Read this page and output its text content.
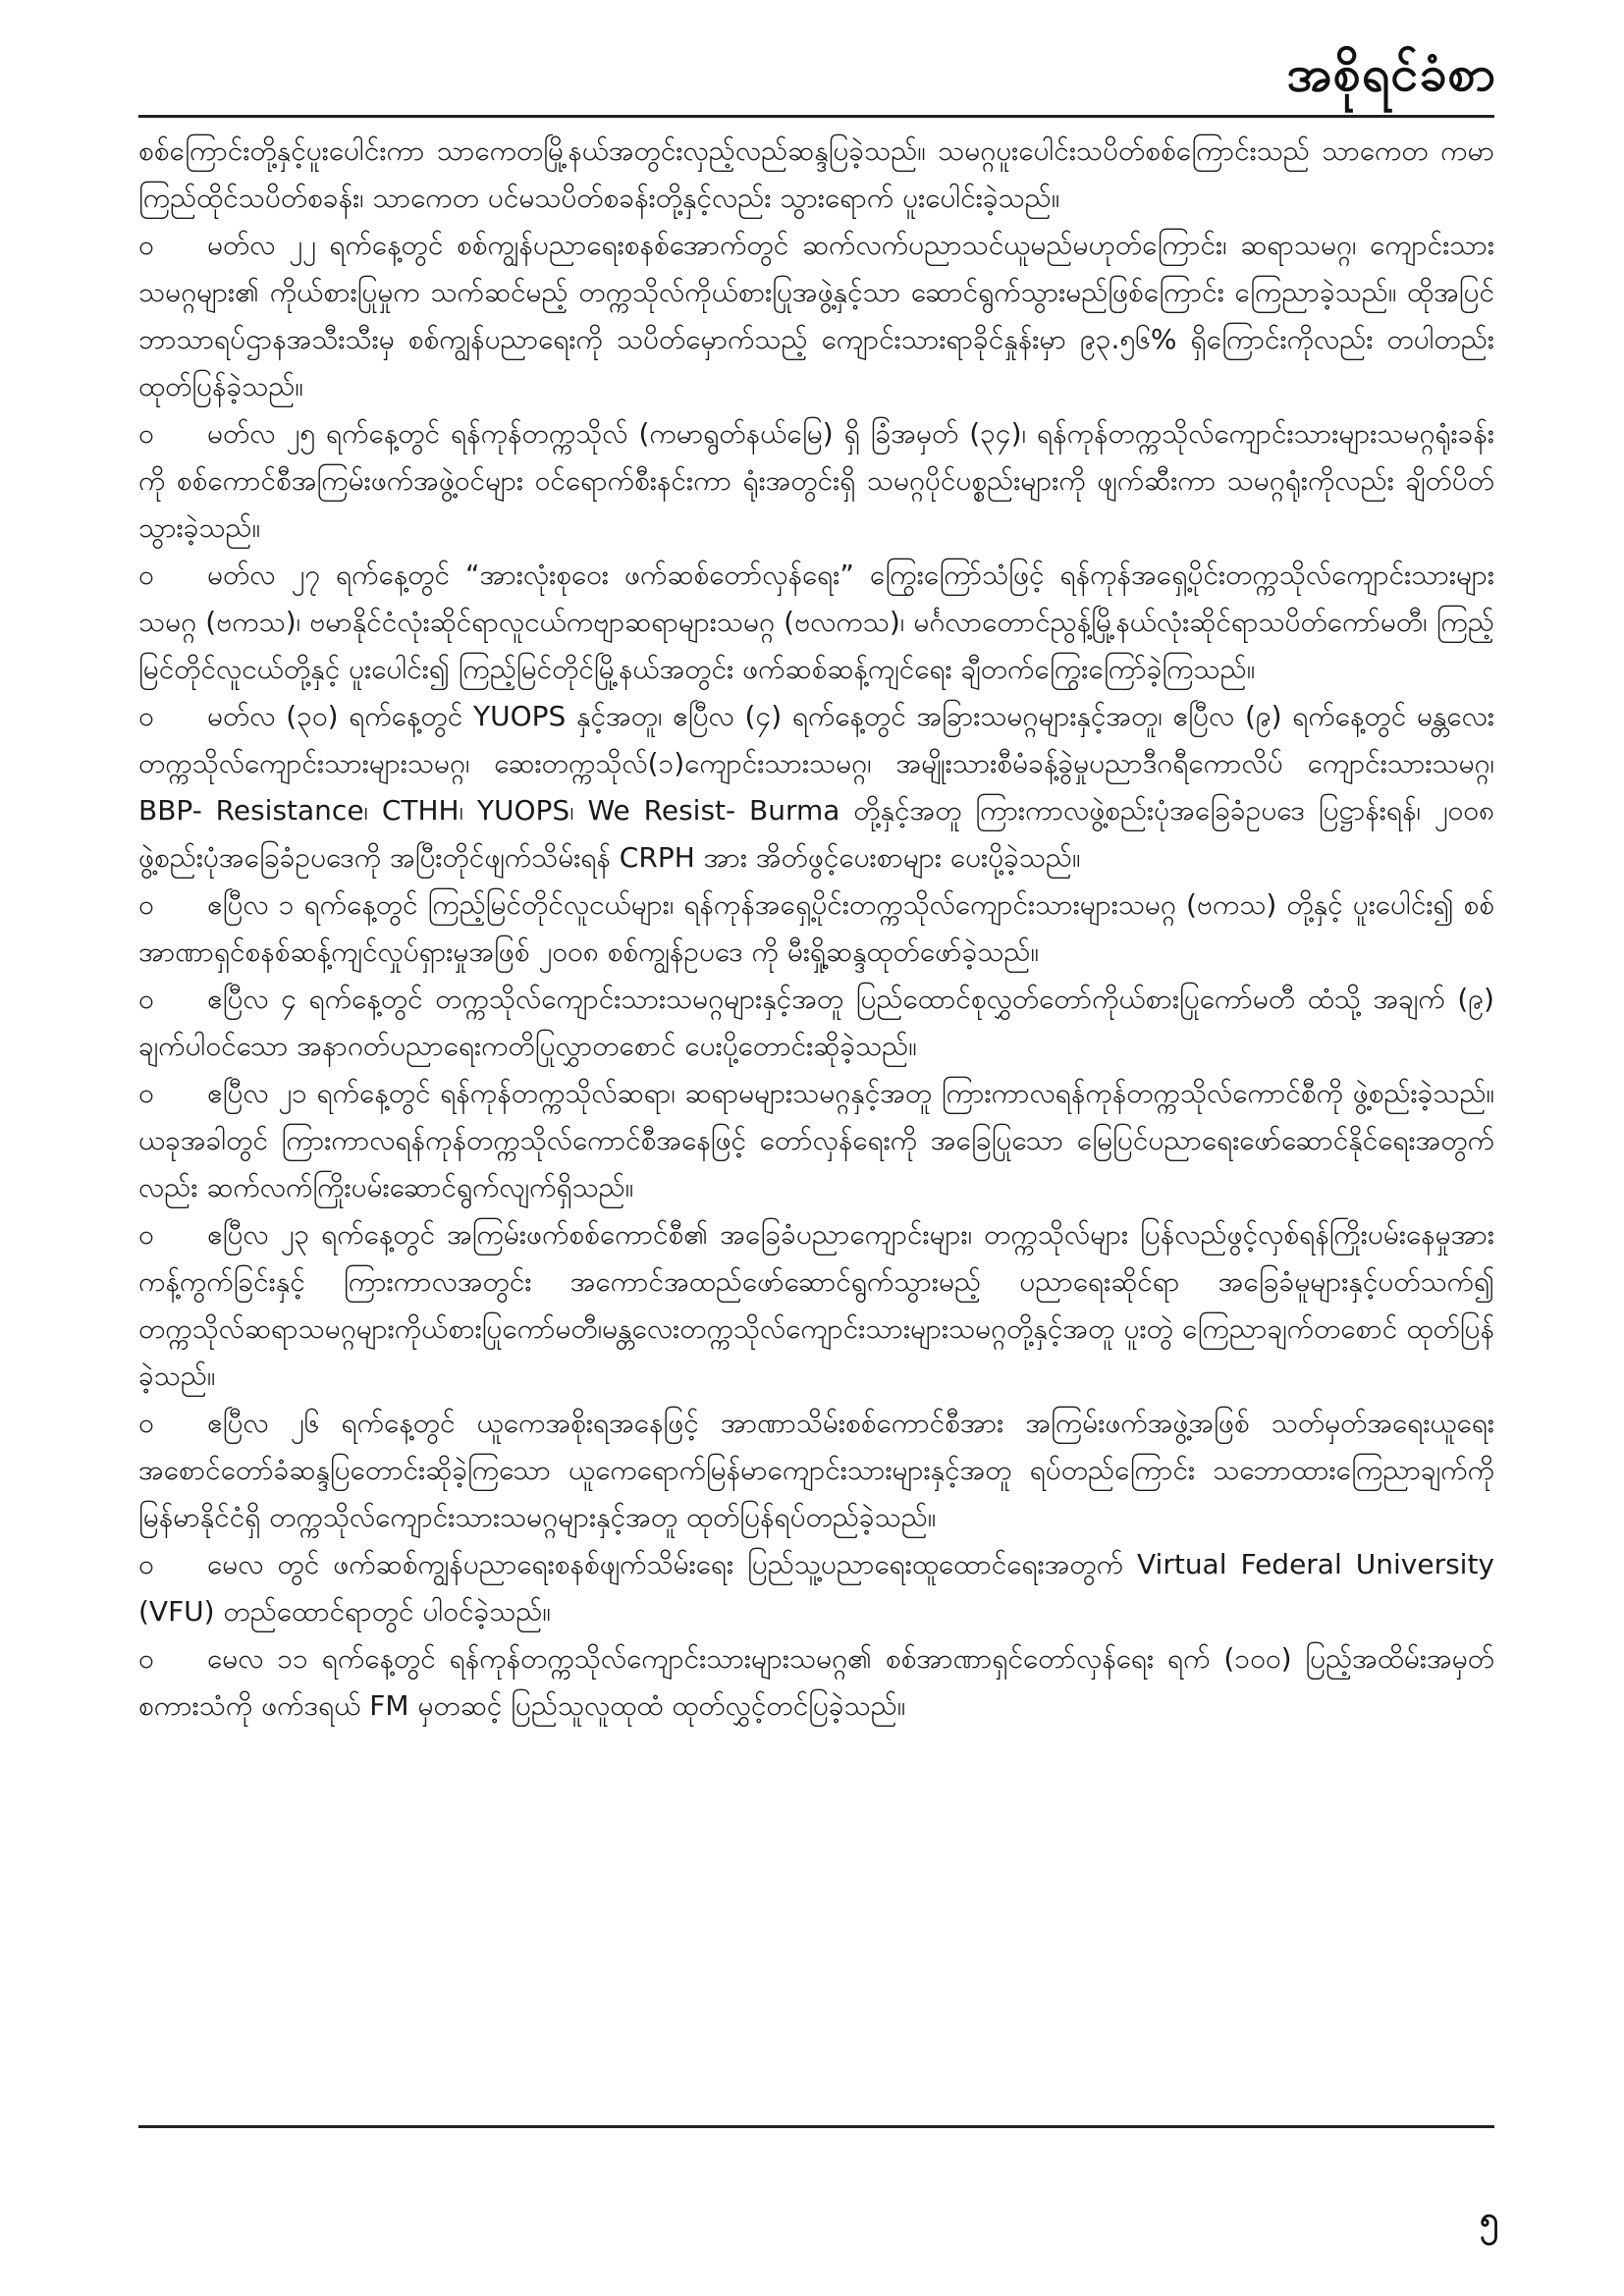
အစိုရင်ခံစာ

စစ်ကြောင်းတို့နှင့်ပူးပေါင်းကာ သာကေတမြို့နယ်အတွင်းလှည့်လည်ဆန္ဒပြခဲ့သည်။ သမဂ္ဂပူးပေါင်းသပိတ်စစ်ကြောင်းသည် သာကေတ ကမာကြည်ထိုင်သပိတ်စခန်း၊ သာကေတ ပင်မသပိတ်စခန်းတို့နှင့်လည်း သွားရောက် ပူးပေါင်းခဲ့သည်။

၀ မတ်လ ၂၂ ရက်နေ့တွင် စစ်ကျွန်ပညာရေးစနစ်အောက်တွင် ဆက်လက်ပညာသင်ယူမည်မဟုတ်ကြောင်း၊ ဆရာသမဂ္ဂ၊ ကျောင်းသားသမဂ္ဂများ၏ ကိုယ်စားပြုမှုက သက်ဆင်မည့် တက္ကသိုလ်ကိုယ်စားပြုအဖွဲ့နှင့်သာ ဆောင်ရွက်သွားမည်ဖြစ်ကြောင်း ကြေညာခဲ့သည်။ ထိုအပြင် ဘာသာရပ်ဌာနအသီးသီးမှ စစ်ကျွန်ပညာရေးကို သပိတ်မှောက်သည့် ကျောင်းသားရာခိုင်နှုန်းမှာ ၉၃.၅၆% ရှိကြောင်းကိုလည်း တပါတည်းထုတ်ပြန်ခဲ့သည်။

၀ မတ်လ ၂၅ ရက်နေ့တွင် ရန်ကုန်တက္ကသိုလ် (ကမာရွတ်နယ်မြေ) ရှိ ခြံအမှတ် (၃၄)၊ ရန်ကုန်တက္ကသိုလ်ကျောင်းသားများသမဂ္ဂရုံးခန်းကို စစ်ကောင်စီအကြမ်းဖက်အဖွဲ့ဝင်များ ဝင်ရောက်စီးနင်းကာ ရုံးအတွင်းရှိ သမဂ္ဂပိုင်ပစ္စည်းများကို ဖျက်ဆီးကာ သမဂ္ဂရုံးကိုလည်း ချိတ်ပိတ်သွားခဲ့သည်။

၀ မတ်လ ၂၇ ရက်နေ့တွင် “အားလုံးစုဝေး ဖက်ဆစ်တော်လှန်ရေး” ကြွေးကြော်သံဖြင့် ရန်ကုန်အရှေ့ပိုင်းတက္ကသိုလ်ကျောင်းသားများသမဂ္ဂ (ဗကသ)၊ ဗမာနိုင်ငံလုံးဆိုင်ရာလူငယ်ကဗျာဆရာများသမဂ္ဂ (ဗလကသ)၊ မင်္ဂလာတောင်ညွန့်မြို့နယ်လုံးဆိုင်ရာသပိတ်ကော်မတီ၊ ကြည့်မြင်တိုင်လူငယ်တို့နှင့် ပူးပေါင်း၍ ကြည့်မြင်တိုင်မြို့နယ်အတွင်း ဖက်ဆစ်ဆန့်ကျင်ရေး ချီတက်ကြွေးကြော်ခဲ့ကြသည်။

၀ မတ်လ (၃၀) ရက်နေ့တွင် YUOPS နှင့်အတူ၊ ဧပြီလ (၄) ရက်နေ့တွင် အခြားသမဂ္ဂများနှင့်အတူ၊ ဧပြီလ (၉) ရက်နေ့တွင် မန္တလေးတက္ကသိုလ်ကျောင်းသားများသမဂ္ဂ၊ ဆေးတက္ကသိုလ်(၁)ကျောင်းသားသမဂ္ဂ၊ အမျိုးသားစီမံခန့်ခွဲမှုပညာဒီဂရီကောလိပ် ကျောင်းသားသမဂ္ဂ၊ BBP- Resistance၊ CTHH၊ YUOPS၊ We Resist- Burma တို့နှင့်အတူ ကြားကာလဖွဲ့စည်းပုံအခြေခံဥပဒေ ပြဋ္ဌာန်းရန်၊ ၂၀၀၈ ဖွဲ့စည်းပုံအခြေခံဥပဒေကို အပြီးတိုင်ဖျက်သိမ်းရန် CRPH အား အိတ်ဖွင့်ပေးစာများ ပေးပို့ခဲ့သည်။

၀ ဧပြီလ ၁ ရက်နေ့တွင် ကြည့်မြင်တိုင်လူငယ်များ၊ ရန်ကုန်အရှေ့ပိုင်းတက္ကသိုလ်ကျောင်းသားများသမဂ္ဂ (ဗကသ) တို့နှင့် ပူးပေါင်း၍ စစ်အာဏာရှင်စနစ်ဆန့်ကျင်လှုပ်ရှားမှုအဖြစ် ၂၀၀၈ စစ်ကျွန်ဥပဒေ ကို မီးရှို့ဆန္ဒထုတ်ဖော်ခဲ့သည်။

၀ ဧပြီလ ၄ ရက်နေ့တွင် တက္ကသိုလ်ကျောင်းသားသမဂ္ဂများနှင့်အတူ ပြည်ထောင်စုလွှတ်တော်ကိုယ်စားပြုကော်မတီ ထံသို့ အချက် (၉) ချက်ပါဝင်သော အနာဂတ်ပညာရေးကတိပြုလွှာတစောင် ပေးပို့တောင်းဆိုခဲ့သည်။

၀ ဧပြီလ ၂၁ ရက်နေ့တွင် ရန်ကုန်တက္ကသိုလ်ဆရာ၊ ဆရာမများသမဂ္ဂနှင့်အတူ ကြားကာလရန်ကုန်တက္ကသိုလ်ကောင်စီကို ဖွဲ့စည်းခဲ့သည်။ ယခုအခါတွင် ကြားကာလရန်ကုန်တက္ကသိုလ်ကောင်စီအနေဖြင့် တော်လှန်ရေးကို အခြေပြုသော မြေပြင်ပညာရေးဖော်ဆောင်နိုင်ရေးအတွက်လည်း ဆက်လက်ကြိုးပမ်းဆောင်ရွက်လျက်ရှိသည်။

၀ ဧပြီလ ၂၃ ရက်နေ့တွင် အကြမ်းဖက်စစ်ကောင်စီ၏ အခြေခံပညာကျောင်းများ၊ တက္ကသိုလ်များ ပြန်လည်ဖွင့်လှစ်ရန်ကြိုးပမ်းနေမှုအား ကန့်ကွက်ခြင်းနှင့် ကြားကာလအတွင်း အကောင်အထည်ဖော်ဆောင်ရွက်သွားမည့် ပညာရေးဆိုင်ရာ အခြေခံမူများနှင့်ပတ်သက်၍ တက္ကသိုလ်ဆရာသမဂ္ဂများကိုယ်စားပြုကော်မတီ၊မန္တလေးတက္ကသိုလ်ကျောင်းသားများသမဂ္ဂတို့နှင့်အတူ ပူးတွဲ ကြေညာချက်တစောင် ထုတ်ပြန်ခဲ့သည်။

၀ ဧပြီလ ၂၆ ရက်နေ့တွင် ယူကေအစိုးရအနေဖြင့် အာဏာသိမ်းစစ်ကောင်စီအား အကြမ်းဖက်အဖွဲ့အဖြစ် သတ်မှတ်အရေးယူရေး အစောင်တော်ခံဆန္ဒပြတောင်းဆိုခဲ့ကြသော ယူကေရောက်မြန်မာကျောင်းသားများနှင့်အတူ ရပ်တည်ကြောင်း သဘောထားကြေညာချက်ကို မြန်မာနိုင်ငံရှိ တက္ကသိုလ်ကျောင်းသားသမဂ္ဂများနှင့်အတူ ထုတ်ပြန်ရပ်တည်ခဲ့သည်။

၀ မေလ တွင် ဖက်ဆစ်ကျွန်ပညာရေးစနစ်ဖျက်သိမ်းရေး ပြည်သူ့ပညာရေးထူထောင်ရေးအတွက် Virtual Federal University (VFU) တည်ထောင်ရာတွင် ပါဝင်ခဲ့သည်။

၀ မေလ ၁၁ ရက်နေ့တွင် ရန်ကုန်တက္ကသိုလ်ကျောင်းသားများသမဂ္ဂ၏ စစ်အာဏာရှင်တော်လှန်ရေး ရက် (၁၀၀) ပြည့်အထိမ်းအမှတ် စကားသံကို ဖက်ဒရယ် FM မှတဆင့် ပြည်သူလူထုထံ ထုတ်လွှင့်တင်ပြခဲ့သည်။

၅
